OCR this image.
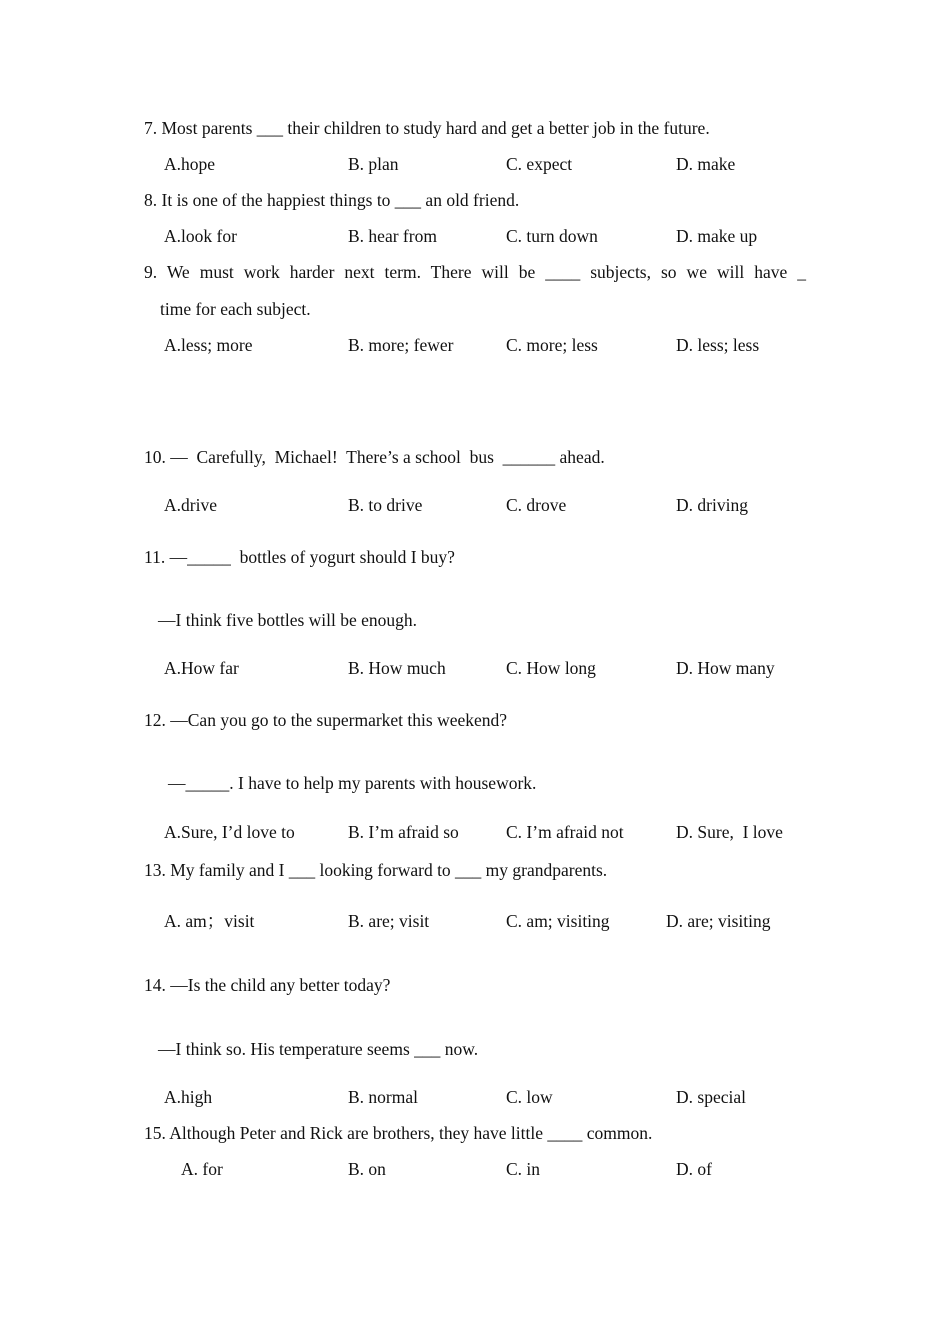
7. Most parents ___ their children to study hard and get a better job in the future.
A.hope	B. plan	C. expect	D. make
8. It is one of the happiest things to ___ an old friend.
A.look for	B. hear from	C. turn down	D. make up
9. We must work harder next term. There will be ____ subjects, so we will have _
time for each subject.
A.less; more	B. more; fewer	C. more; less	D. less; less
10. —  Carefully,  Michael!  There’s a school  bus  ______ ahead.
A.drive	B. to drive	C. drove	D. driving
11. —_____  bottles of yogurt should I buy?
—I think five bottles will be enough.
A.How far	B. How much	C. How long	D. How many
12. —Can you go to the supermarket this weekend?
—_____. I have to help my parents with housework.
A.Sure, I’d love to	B. I’m afraid so	C. I’m afraid not	D. Sure,  I love
13. My family and I ___ looking forward to ___ my grandparents.
A. am；visit	B. are; visit	C. am; visiting	D. are; visiting
14. —Is the child any better today?
—I think so. His temperature seems ___ now.
A.high	B. normal	C. low	D. special
15. Although Peter and Rick are brothers, they have little ____ common.
A. for	B. on	C. in	D. of
